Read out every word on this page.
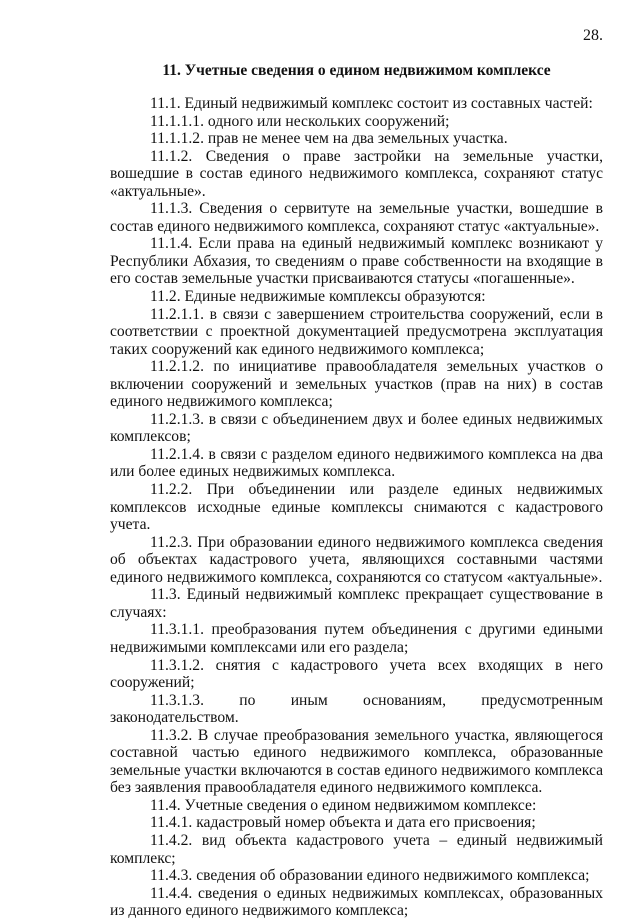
28.
11. Учетные сведения о едином недвижимом комплексе

11.1. Единый недвижимый комплекс состоит из составных частей:

11.1.1.1. одного или нескольких сооружений;

11.1.1.2. прав не менее чем на два земельных участка.

11.1.2. Сведения о праве застройки на земельные участки, вошедшие в состав единого недвижимого комплекса, сохраняют статус «актуальные».

11.1.3. Сведения о сервитуте на земельные участки, вошедшие в состав единого недвижимого комплекса, сохраняют статус «актуальные».

11.1.4. Если права на единый недвижимый комплекс возникают у Республики Абхазия, то сведениям о праве собственности на входящие в его состав земельные участки присваиваются статусы «погашенные».

11.2. Единые недвижимые комплексы образуются:

11.2.1.1. в связи с завершением строительства сооружений, если в соответствии с проектной документацией предусмотрена эксплуатация таких сооружений как единого недвижимого комплекса;

11.2.1.2. по инициативе правообладателя земельных участков о включении сооружений и земельных участков (прав на них) в состав единого недвижимого комплекса;

11.2.1.3. в связи с объединением двух и более единых недвижимых комплексов;

11.2.1.4. в связи с разделом единого недвижимого комплекса на два или более единых недвижимых комплекса.

11.2.2. При объединении или разделе единых недвижимых комплексов исходные единые комплексы снимаются с кадастрового учета.

11.2.3. При образовании единого недвижимого комплекса сведения об объектах кадастрового учета, являющихся составными частями единого недвижимого комплекса, сохраняются со статусом «актуальные».

11.3. Единый недвижимый комплекс прекращает существование в случаях:

11.3.1.1. преобразования путем объединения с другими едиными недвижимыми комплексами или его раздела;

11.3.1.2. снятия с кадастрового учета всех входящих в него сооружений;

11.3.1.3. по иным основаниям, предусмотренным законодательством.

11.3.2. В случае преобразования земельного участка, являющегося составной частью единого недвижимого комплекса, образованные земельные участки включаются в состав единого недвижимого комплекса без заявления правообладателя единого недвижимого комплекса.

11.4. Учетные сведения о едином недвижимом комплексе:

11.4.1. кадастровый номер объекта и дата его присвоения;

11.4.2. вид объекта кадастрового учета – единый недвижимый комплекс;

11.4.3. сведения об образовании единого недвижимого комплекса;

11.4.4. сведения о единых недвижимых комплексах, образованных из данного единого недвижимого комплекса;
